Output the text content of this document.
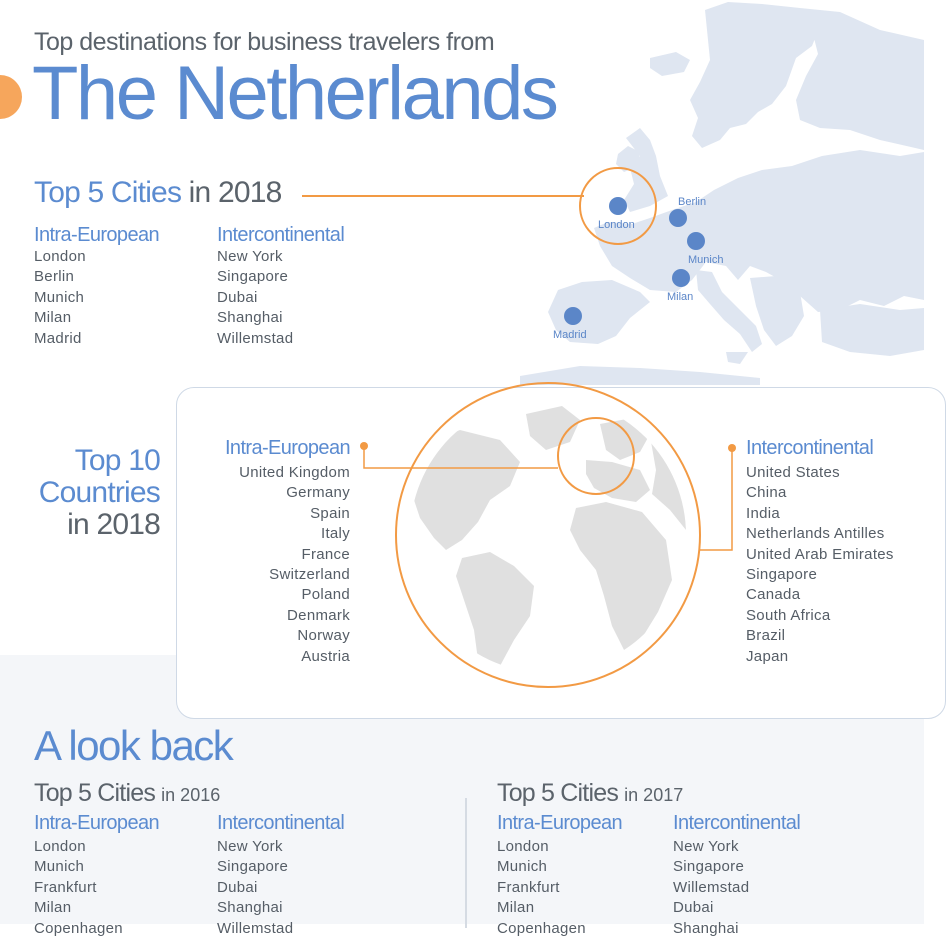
London
Berlin
Munich
Milan
Madrid
Top destinations for business travelers from
The Netherlands
Top 5 Cities in 2018
Intra-European
London
Berlin
Munich
Milan
Madrid
Intercontinental
New York
Singapore
Dubai
Shanghai
Willemstad
Top 10
Countries
in 2018
Intra-European
United Kingdom
Germany
Spain
Italy
France
Switzerland
Poland
Denmark
Norway
Austria
Intercontinental
United States
China
India
Netherlands Antilles
United Arab Emirates
Singapore
Canada
South Africa
Brazil
Japan
A look back
Top 5 Cities in 2016
Intra-European
London
Munich
Frankfurt
Milan
Copenhagen
Intercontinental
New York
Singapore
Dubai
Shanghai
Willemstad
Top 5 Cities in 2017
Intra-European
London
Munich
Frankfurt
Milan
Copenhagen
Intercontinental
New York
Singapore
Willemstad
Dubai
Shanghai
